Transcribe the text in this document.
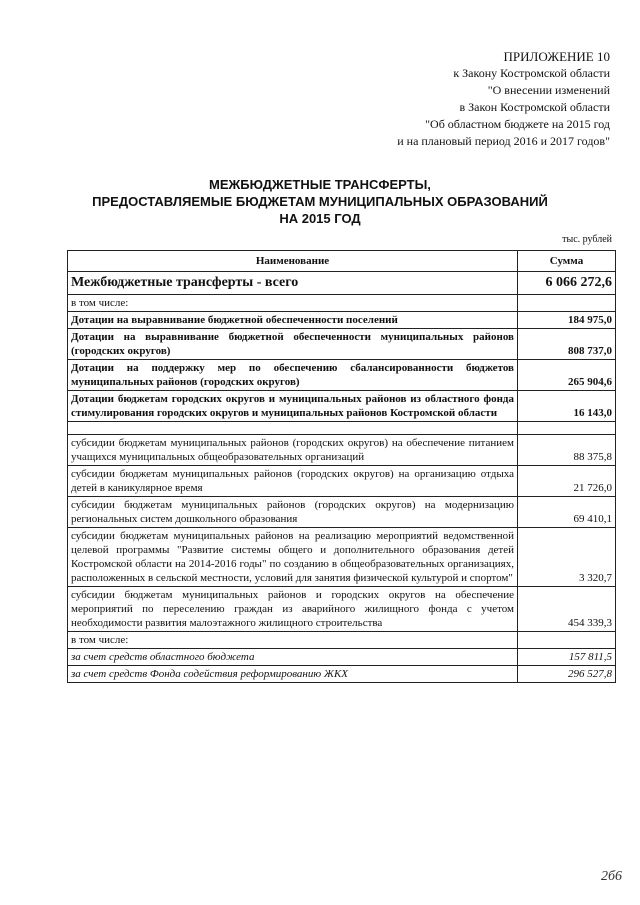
ПРИЛОЖЕНИЕ 10
к Закону Костромской области
"О внесении изменений
в Закон Костромской области
"Об областном бюджете на 2015 год
и на плановый период 2016 и 2017 годов"
МЕЖБЮДЖЕТНЫЕ ТРАНСФЕРТЫ,
ПРЕДОСТАВЛЯЕМЫЕ БЮДЖЕТАМ МУНИЦИПАЛЬНЫХ ОБРАЗОВАНИЙ
НА 2015 ГОД
тыс. рублей
Наименование	Сумма
Межбюджетные трансферты - всего	6 066 272,6
в том числе:	
Дотации на выравнивание бюджетной обеспеченности поселений	184 975,0
Дотации на выравнивание бюджетной обеспеченности муниципальных районов (городских округов)	808 737,0
Дотации на поддержку мер по обеспечению сбалансированности бюджетов муниципальных районов (городских округов)	265 904,6
Дотации бюджетам городских округов и муниципальных районов из областного фонда стимулирования городских округов и муниципальных районов Костромской области	16 143,0

субсидии бюджетам муниципальных районов (городских округов) на обеспечение питанием учащихся муниципальных общеобразовательных организаций	88 375,8
субсидии бюджетам муниципальных районов (городских округов) на организацию отдыха детей в каникулярное время	21 726,0
субсидии бюджетам муниципальных районов (городских округов) на модернизацию региональных систем дошкольного образования	69 410,1
субсидии бюджетам муниципальных районов на реализацию мероприятий ведомственной целевой программы "Развитие системы общего и дополнительного образования детей Костромской области на 2014-2016 годы" по созданию в общеобразовательных организациях, расположенных в сельской местности, условий для занятия физической культурой и спортом"	3 320,7
субсидии бюджетам муниципальных районов и городских округов на обеспечение мероприятий по переселению граждан из аварийного жилищного фонда с учетом необходимости развития малоэтажного жилищного строительства	454 339,3
в том числе:	
за счет средств областного бюджета	157 811,5
за счет средств Фонда содействия реформированию ЖКХ	296 527,8
2б6
